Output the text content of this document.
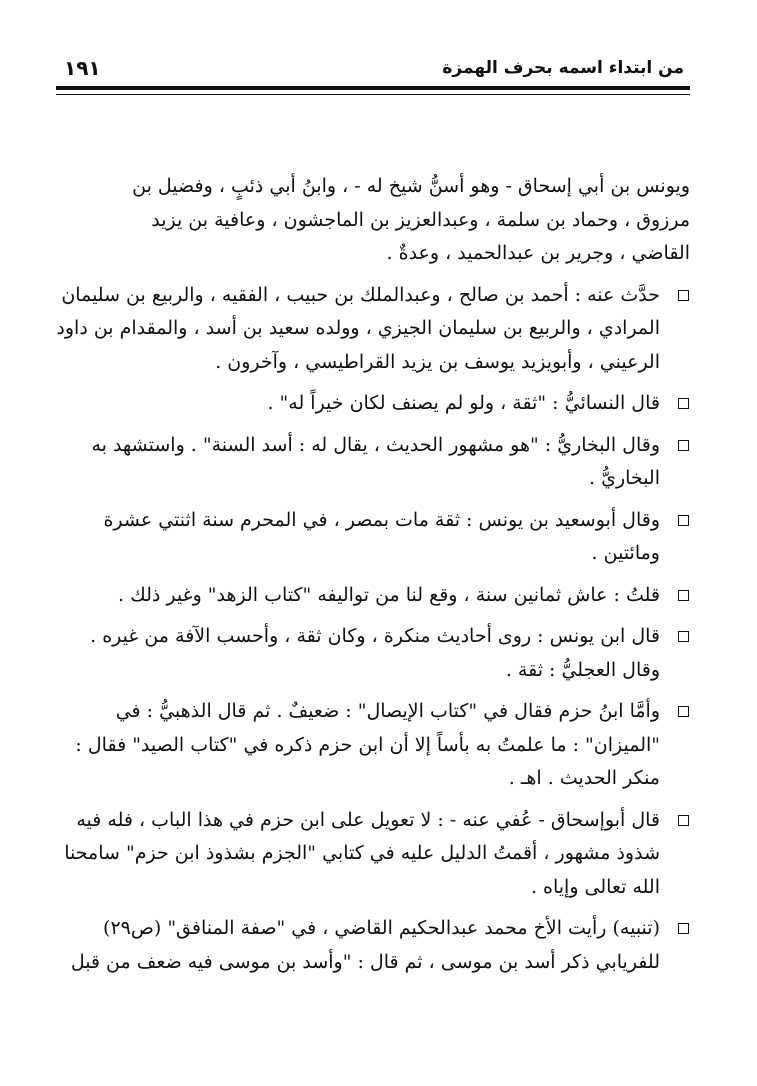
١٩١	من ابتداء اسمه بحرف الهمزة
ويونس بن أبي إسحاق - وهو أسنُّ شيخ له - ، وابنُ أبي ذئبٍ ، وفضيل بن
مرزوق ، وحماد بن سلمة ، وعبدالعزيز بن الماجشون ، وعافية بن يزيد
القاضي ، وجرير بن عبدالحميد ، وعدةٌ .
حدَّث عنه : أحمد بن صالح ، وعبدالملك بن حبيب ، الفقيه ، والربيع بن سليمان
المرادي ، والربيع بن سليمان الجيزي ، وولده سعيد بن أسد ، والمقدام بن داود
الرعيني ، وأبويزيد يوسف بن يزيد القراطيسي ، وآخرون .
قال النسائيُّ : "ثقة ، ولو لم يصنف لكان خيراً له" .
وقال البخاريُّ : "هو مشهور الحديث ، يقال له : أسد السنة" . واستشهد به
البخاريُّ .
وقال أبوسعيد بن يونس : ثقة مات بمصر ، في المحرم سنة اثنتي عشرة
ومائتين .
قلتُ : عاش ثمانين سنة ، وقع لنا من تواليفه "كتاب الزهد" وغير ذلك .
قال ابن يونس : روى أحاديث منكرة ، وكان ثقة ، وأحسب الآفة من غيره .
وقال العجليُّ : ثقة .
وأمَّا ابنُ حزم فقال في "كتاب الإيصال" : ضعيفٌ . ثم قال الذهبيُّ : في
"الميزان" : ما علمتُ به بأساً إلا أن ابن حزم ذكره في "كتاب الصيد" فقال :
منكر الحديث . اهـ .
قال أبوإسحاق - عُفي عنه - : لا تعويل على ابن حزم في هذا الباب ، فله فيه
شذوذ مشهور ، أقمتُ الدليل عليه في كتابي "الجزم بشذوذ ابن حزم" سامحنا
الله تعالى وإياه .
(تنبيه) رأيت الأخ محمد عبدالحكيم القاضي ، في "صفة المنافق" (ص٢٩)
للفريابي ذكر أسد بن موسى ، ثم قال : "وأسد بن موسى فيه ضعف من قبل
